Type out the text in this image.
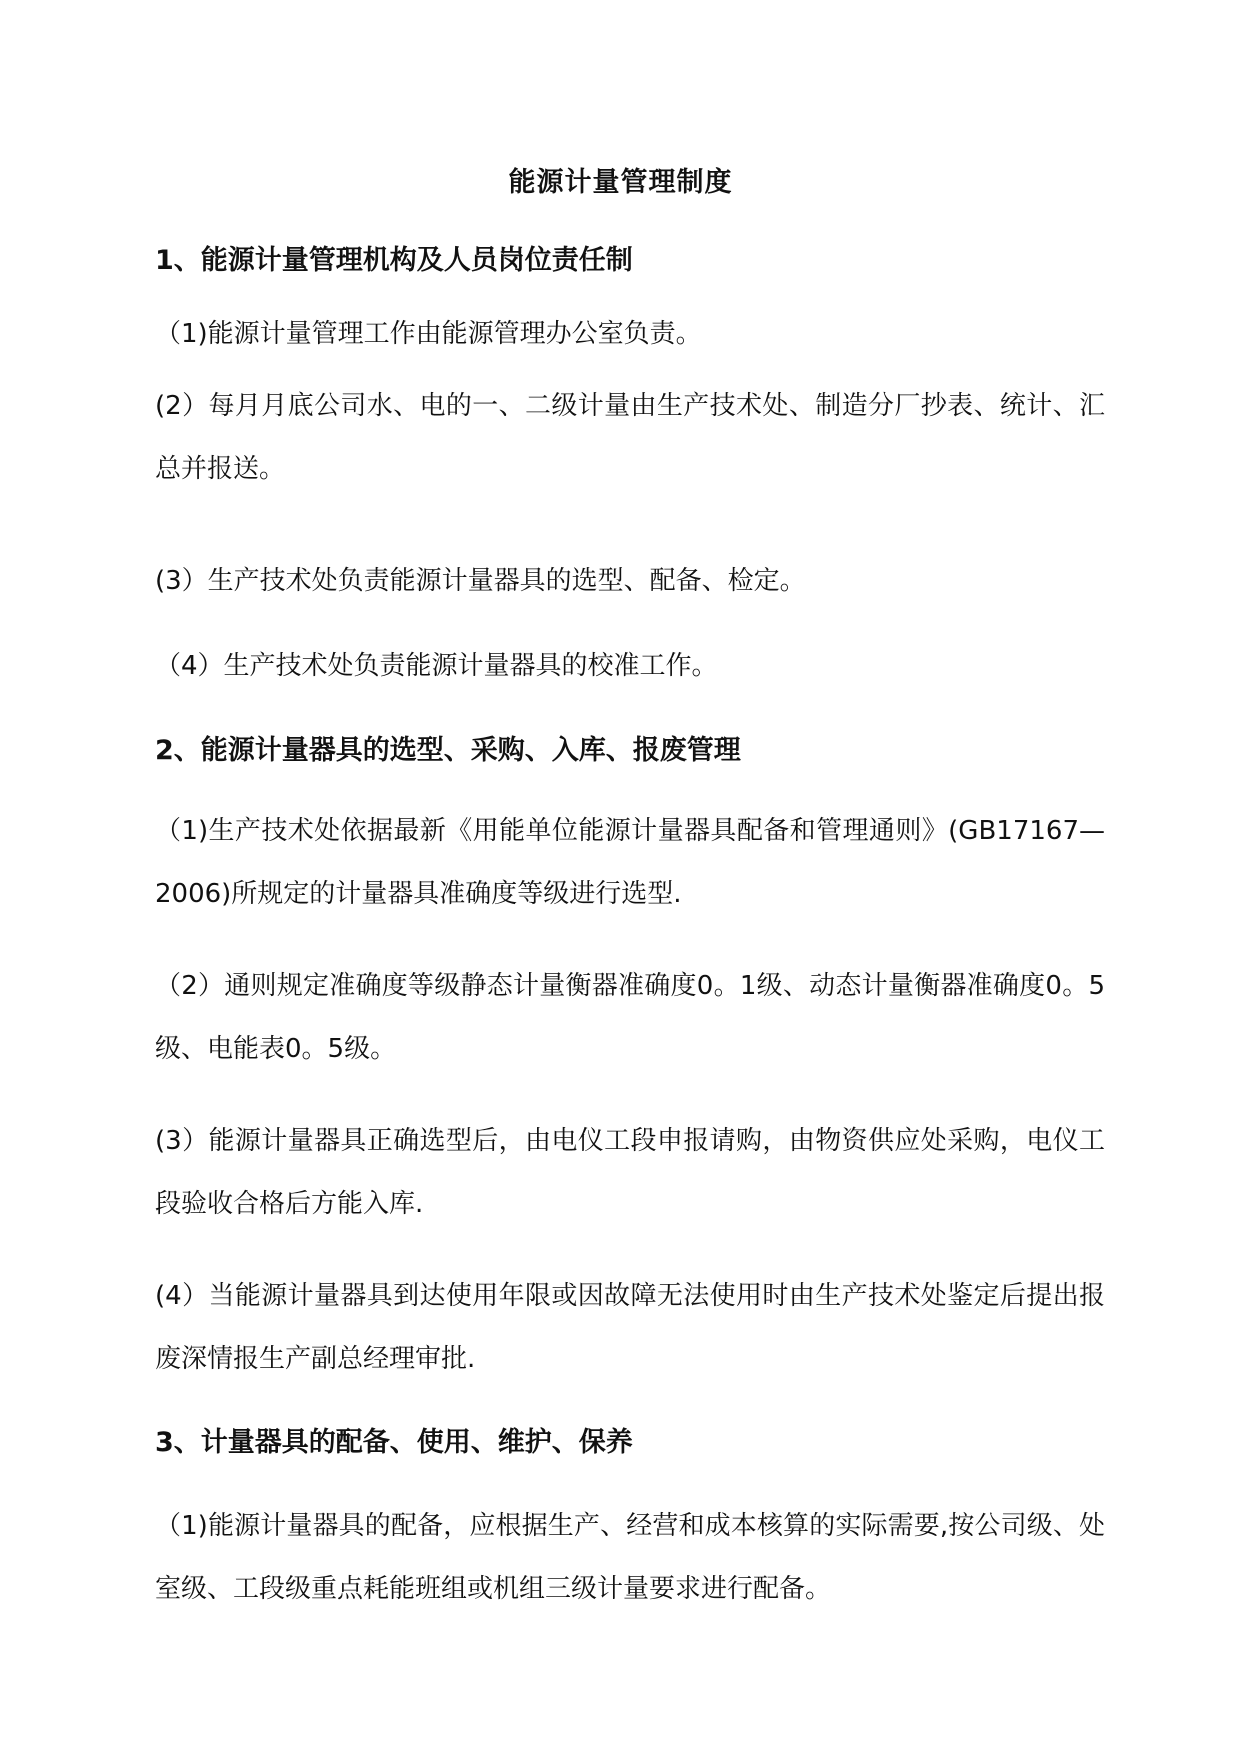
能源计量管理制度
1、能源计量管理机构及人员岗位责任制
（1)能源计量管理工作由能源管理办公室负责。

(2）每月月底公司水、电的一、二级计量由生产技术处、制造分厂抄表、统计、汇总并报送。

(3）生产技术处负责能源计量器具的选型、配备、检定。
（4）生产技术处负责能源计量器具的校准工作。
2、能源计量器具的选型、采购、入库、报废管理

（1)生产技术处依据最新《用能单位能源计量器具配备和管理通则》(GB17167—2006)所规定的计量器具准确度等级进行选型.

（2）通则规定准确度等级静态计量衡器准确度0。1级、动态计量衡器准确度0。5级、电能表0。5级。

(3）能源计量器具正确选型后，由电仪工段申报请购，由物资供应处采购，电仪工段验收合格后方能入库.

(4）当能源计量器具到达使用年限或因故障无法使用时由生产技术处鉴定后提出报废深情报生产副总经理审批.

3、计量器具的配备、使用、维护、保养

（1)能源计量器具的配备，应根据生产、经营和成本核算的实际需要,按公司级、处室级、工段级重点耗能班组或机组三级计量要求进行配备。
